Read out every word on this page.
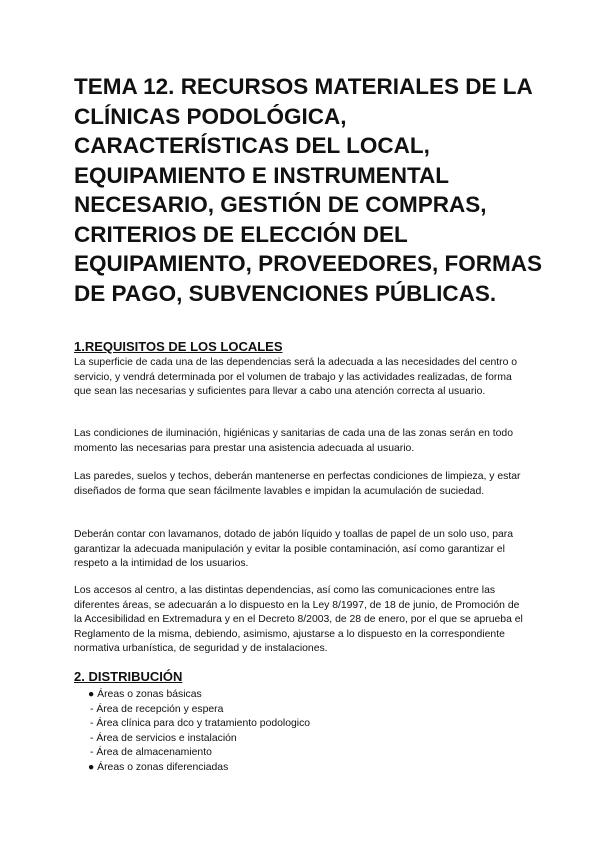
TEMA 12. RECURSOS MATERIALES DE LA CLÍNICAS PODOLÓGICA, CARACTERÍSTICAS DEL LOCAL, EQUIPAMIENTO E INSTRUMENTAL NECESARIO, GESTIÓN DE COMPRAS, CRITERIOS DE ELECCIÓN DEL EQUIPAMIENTO, PROVEEDORES, FORMAS DE PAGO, SUBVENCIONES PÚBLICAS.
1.REQUISITOS DE LOS LOCALES

La superficie de cada una de las dependencias será la adecuada a las necesidades del centro o servicio, y vendrá determinada por el volumen de trabajo y las actividades realizadas, de forma que sean las necesarias y suficientes para llevar a cabo una atención correcta al usuario.

Las condiciones de iluminación, higiénicas y sanitarias de cada una de las zonas serán en todo momento las necesarias para prestar una asistencia adecuada al usuario.

Las paredes, suelos y techos, deberán mantenerse en perfectas condiciones de limpieza, y estar diseñados de forma que sean fácilmente lavables e impidan la acumulación de suciedad.

Deberán contar con lavamanos, dotado de jabón líquido y toallas de papel de un solo uso, para garantizar la adecuada manipulación y evitar la posible contaminación, así como garantizar el respeto a la intimidad de los usuarios.

Los accesos al centro, a las distintas dependencias, así como las comunicaciones entre las diferentes áreas, se adecuarán a lo dispuesto en la Ley 8/1997, de 18 de junio, de Promoción de la Accesibilidad en Extremadura y en el Decreto 8/2003, de 28 de enero, por el que se aprueba el Reglamento de la misma, debiendo, asimismo, ajustarse a lo dispuesto en la correspondiente normativa urbanística, de seguridad y de instalaciones.

2. DISTRIBUCIÓN
● Áreas o zonas básicas
- Área de recepción y espera
- Área clínica para dco y tratamiento podologico
- Área de servicios e instalación
- Área de almacenamiento
● Áreas o zonas diferenciadas
